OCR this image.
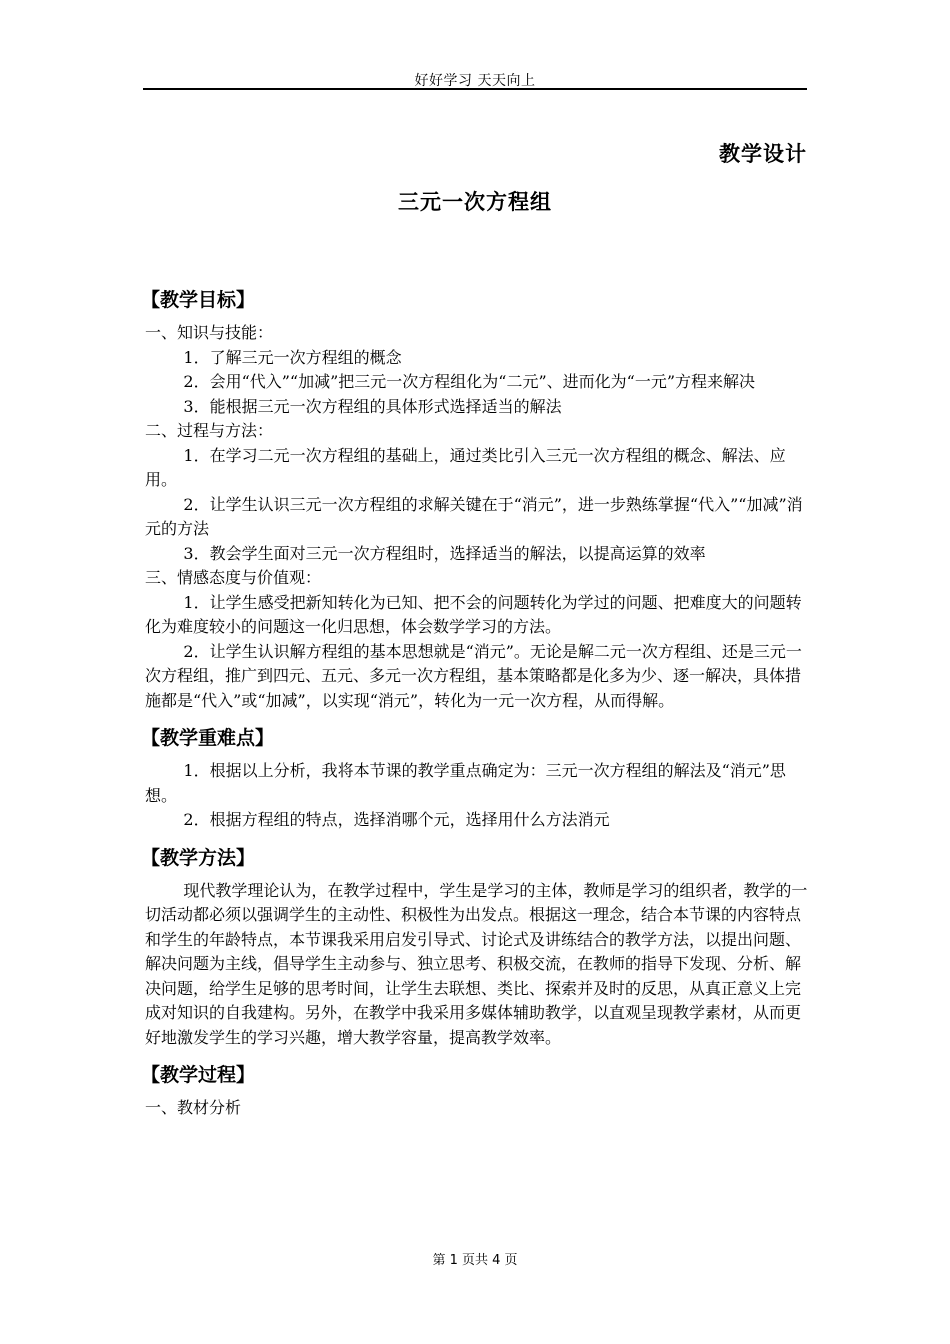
好好学习 天天向上
教学设计
三元一次方程组
【教学目标】

一、知识与技能：

1．了解三元一次方程组的概念

2．会用“代入”“加减”把三元一次方程组化为“二元”、进而化为“一元”方程来解决

3．能根据三元一次方程组的具体形式选择适当的解法

二、过程与方法：

1．在学习二元一次方程组的基础上，通过类比引入三元一次方程组的概念、解法、应用。

2．让学生认识三元一次方程组的求解关键在于“消元”，进一步熟练掌握“代入”“加减”消元的方法

3．教会学生面对三元一次方程组时，选择适当的解法，以提高运算的效率

三、情感态度与价值观：

1．让学生感受把新知转化为已知、把不会的问题转化为学过的问题、把难度大的问题转化为难度较小的问题这一化归思想，体会数学学习的方法。

2．让学生认识解方程组的基本思想就是“消元”。无论是解二元一次方程组、还是三元一次方程组，推广到四元、五元、多元一次方程组，基本策略都是化多为少、逐一解决，具体措施都是“代入”或“加减”，以实现“消元”，转化为一元一次方程，从而得解。

【教学重难点】

1．根据以上分析，我将本节课的教学重点确定为：三元一次方程组的解法及“消元”思想。

2．根据方程组的特点，选择消哪个元，选择用什么方法消元

【教学方法】

现代教学理论认为，在教学过程中，学生是学习的主体，教师是学习的组织者，教学的一切活动都必须以强调学生的主动性、积极性为出发点。根据这一理念，结合本节课的内容特点和学生的年龄特点，本节课我采用启发引导式、讨论式及讲练结合的教学方法，以提出问题、解决问题为主线，倡导学生主动参与、独立思考、积极交流，在教师的指导下发现、分析、解决问题，给学生足够的思考时间，让学生去联想、类比、探索并及时的反思，从真正意义上完成对知识的自我建构。另外，在教学中我采用多媒体辅助教学，以直观呈现教学素材，从而更好地激发学生的学习兴趣，增大教学容量，提高教学效率。

【教学过程】

一、教材分析

第 1 页共 4 页
